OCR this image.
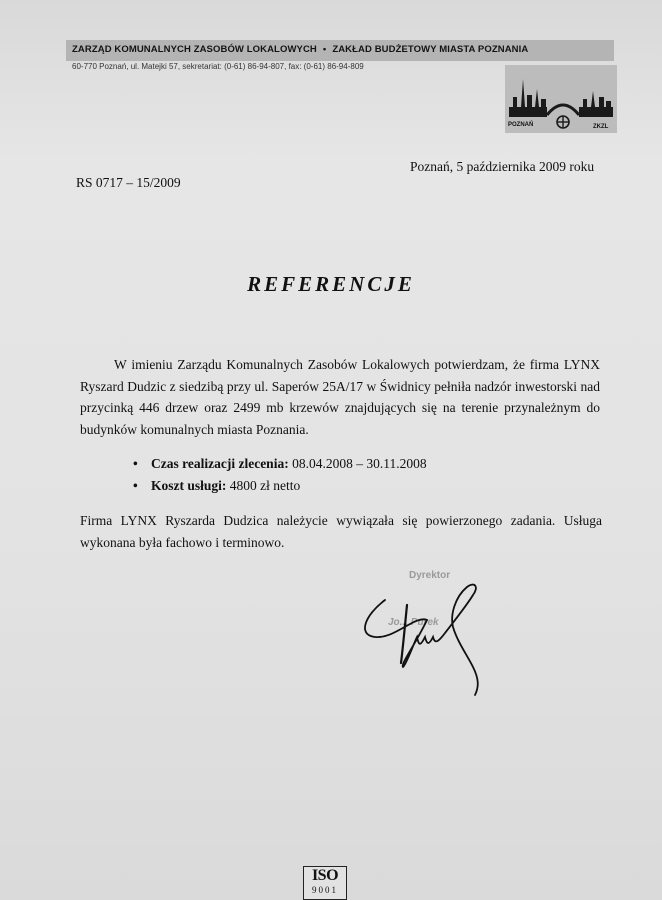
ZARZĄD KOMUNALNYCH ZASOBÓW LOKALOWYCH • ZAKŁAD BUDŻETOWY MIASTA POZNANIA
60-770 Poznań, ul. Matejki 57, sekretariat: (0-61) 86-94-807, fax: (0-61) 86-94-809
POZNAŃ	ZKZL
Poznań, 5 października 2009 roku
RS 0717 – 15/2009
REFERENCJE
W imieniu Zarządu Komunalnych Zasobów Lokalowych potwierdzam, że firma LYNX Ryszard Dudzic z siedzibą przy ul. Saperów 25A/17 w Świdnicy pełniła nadzór inwestorski nad przycinką 446 drzew oraz 2499 mb krzewów znajdujących się na terenie przynależnym do budynków komunalnych miasta Poznania.
• Czas realizacji zlecenia: 08.04.2008 – 30.11.2008
• Koszt usługi: 4800 zł netto
Firma LYNX Ryszarda Dudzica należycie wywiązała się powierzonego zadania. Usługa wykonana była fachowo i terminowo.
Dyrektor
Jo... Purek
ISO
9001
